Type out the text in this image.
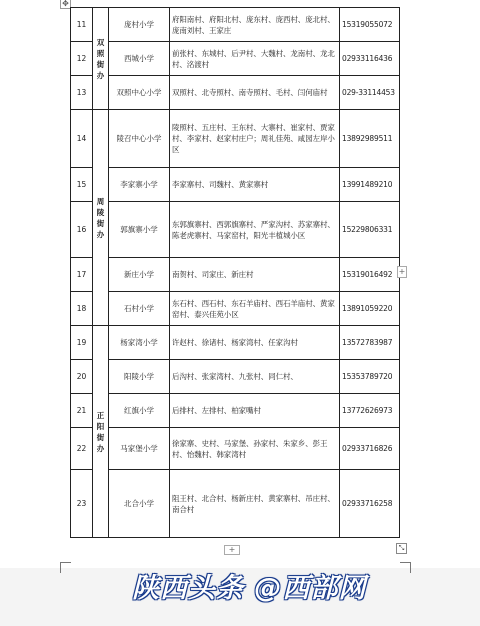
✥
11	双照街办	庞村小学	府阳南村、府阳北村、庞东村、庞西村、庞北村、庞南刘村、王家庄	15319055072
12		西城小学	前张村、东城村、后尹村、大魏村、龙南村、龙北村、洺渡村	02933116436
13		双照中心小学	双照村、北寺照村、南寺照村、毛村、闫何庙村	029-33114453
14	周陵街办	陵召中心小学	陵照村、五庄村、王东村、大寨村、崔家村、贾家村、李家村、赵家村庄户；周礼佳苑、咸园左岸小区	13892989511
15		李家寨小学	李家寨村、司魏村、黄家寨村	13991489210
16		郭旗寨小学	东郭旗寨村、西郭旗寨村、严家沟村、苏家寨村、陈老虎寨村、马家窑村，阳光丰植城小区	15229806331
17		新庄小学	南贺村、司家庄、新庄村	15319016492
18		石村小学	东石村、西石村、东石羊庙村、西石羊庙村、黄家窑村、泰兴佳苑小区	13891059220
19	正阳街办	杨家湾小学	许赵村、徐诸村、杨家湾村、任家沟村	13572783987
20		阳陵小学	后沟村、张家湾村、九张村、同仁村、	15353789720
21		红旗小学	后排村、左排村、柏家嘴村	13772626973
22		马家堡小学	徐家寨、史村、马家堡、孙家村、朱家乡、彭王村、怡魏村、韩家湾村	02933716826
23		北合小学	阻王村、北合村、杨新庄村、黄家寨村、吊庄村、南合村	02933716258
+
+	⤡
陕西头条 @西部网
